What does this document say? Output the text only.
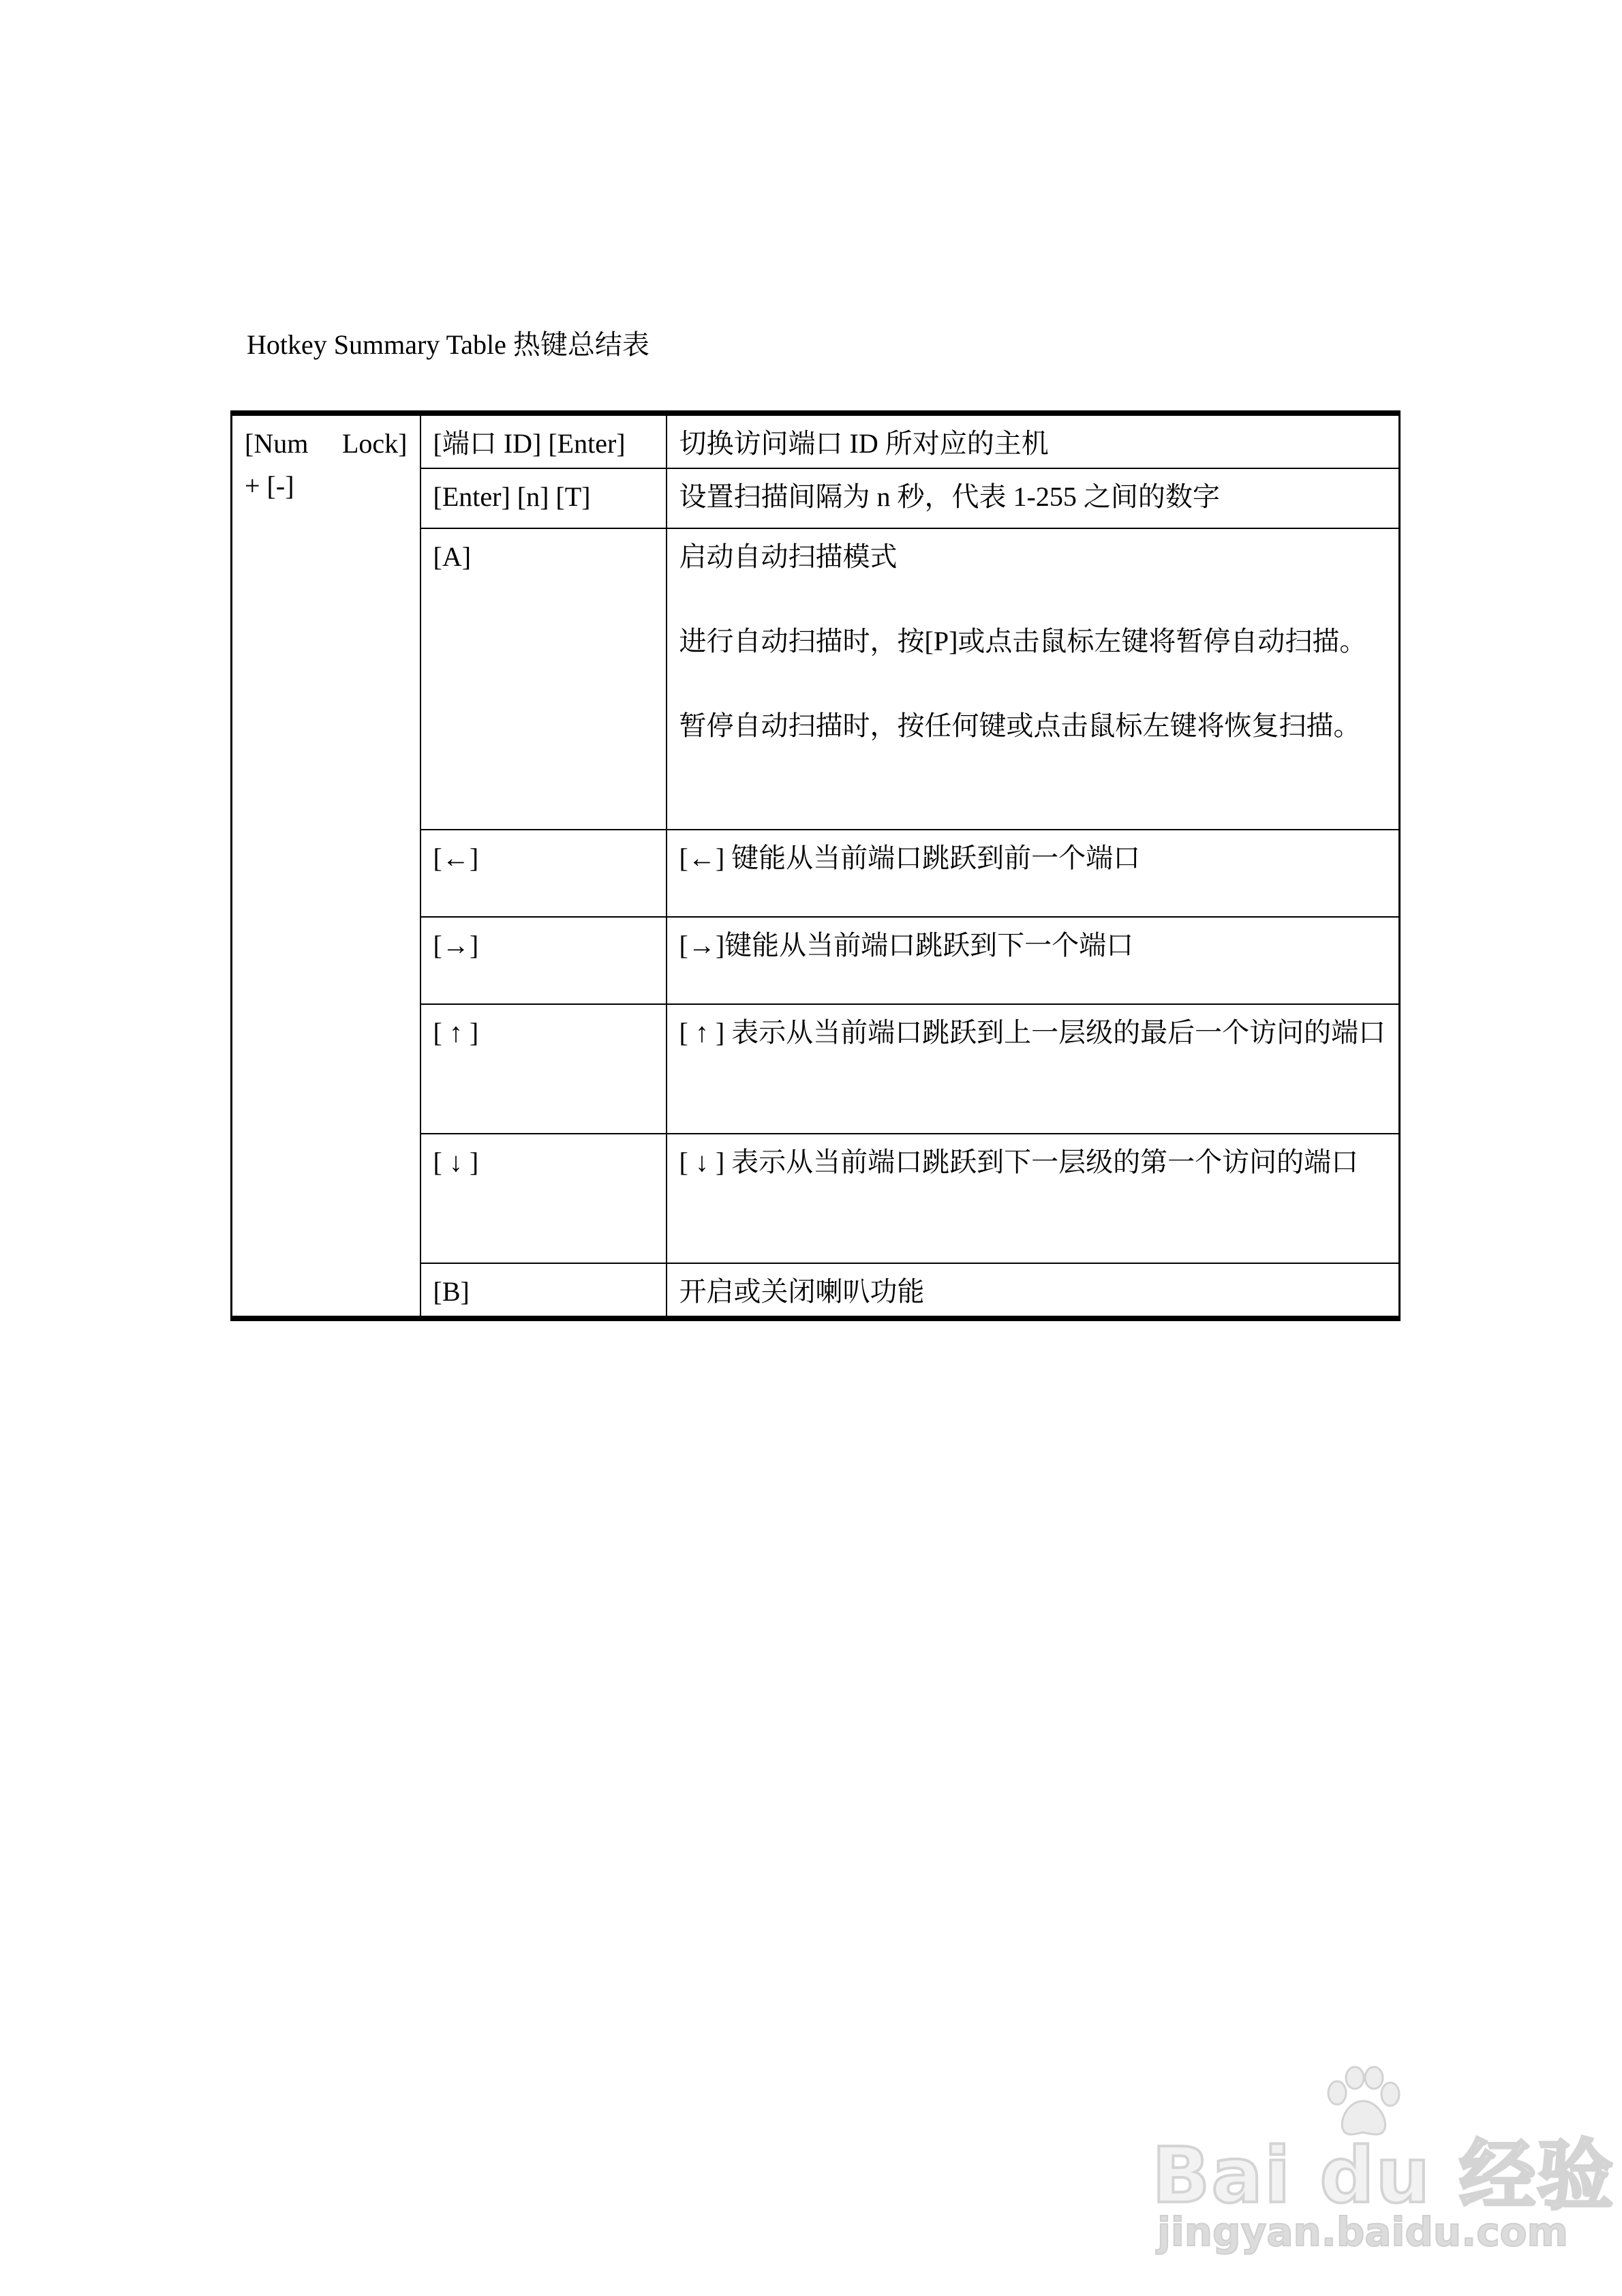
Hotkey Summary Table 热键总结表
[Num Lock]
+ [-]	[端口 ID] [Enter]	切换访问端口 ID 所对应的主机

	[Enter] [n] [T]	设置扫描间隔为 n 秒，代表 1-255 之间的数字

	[A]	启动自动扫描模式

进行自动扫描时，按[P]或点击鼠标左键将暂停自动扫描。

暂停自动扫描时，按任何键或点击鼠标左键将恢复扫描。

	[←]	[←] 键能从当前端口跳跃到前一个端口

	[→]	[→]键能从当前端口跳跃到下一个端口

	[ ↑ ]	[ ↑ ] 表示从当前端口跳跃到上一层级的最后一个访问的端口

	[ ↓ ]	[ ↓ ] 表示从当前端口跳跃到下一层级的第一个访问的端口

	[B]	开启或关闭喇叭功能

Bai du 经验
jingyan.baidu.com
